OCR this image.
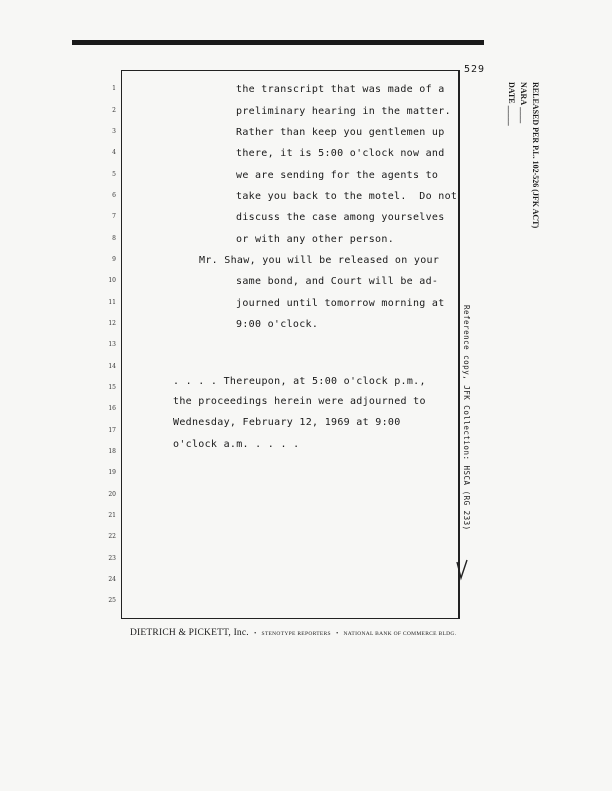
529
1
2
3
4
5
6
7
8
9
10
11
12
13
14
15
16
17
18
19
20
21
22
23
24
25
the transcript that was made of a
preliminary hearing in the matter.
Rather than keep you gentlemen up
there, it is 5:00 o'clock now and
we are sending for the agents to
take you back to the motel.  Do not
discuss the case among yourselves
or with any other person.
Mr. Shaw, you will be released on your
same bond, and Court will be ad-
journed until tomorrow morning at
9:00 o'clock.
. . . . Thereupon, at 5:00 o'clock p.m.,
the proceedings herein were adjourned to
Wednesday, February 12, 1969 at 9:00
o'clock a.m. . . . .
DIETRICH & PICKETT, Inc. • STENOTYPE REPORTERS • NATIONAL BANK OF COMMERCE BLDG.
RELEASED PER P.L. 102-526 (JFK ACT)
NARA ____
DATE _____
Reference copy, JFK Collection: HSCA (RG 233)
